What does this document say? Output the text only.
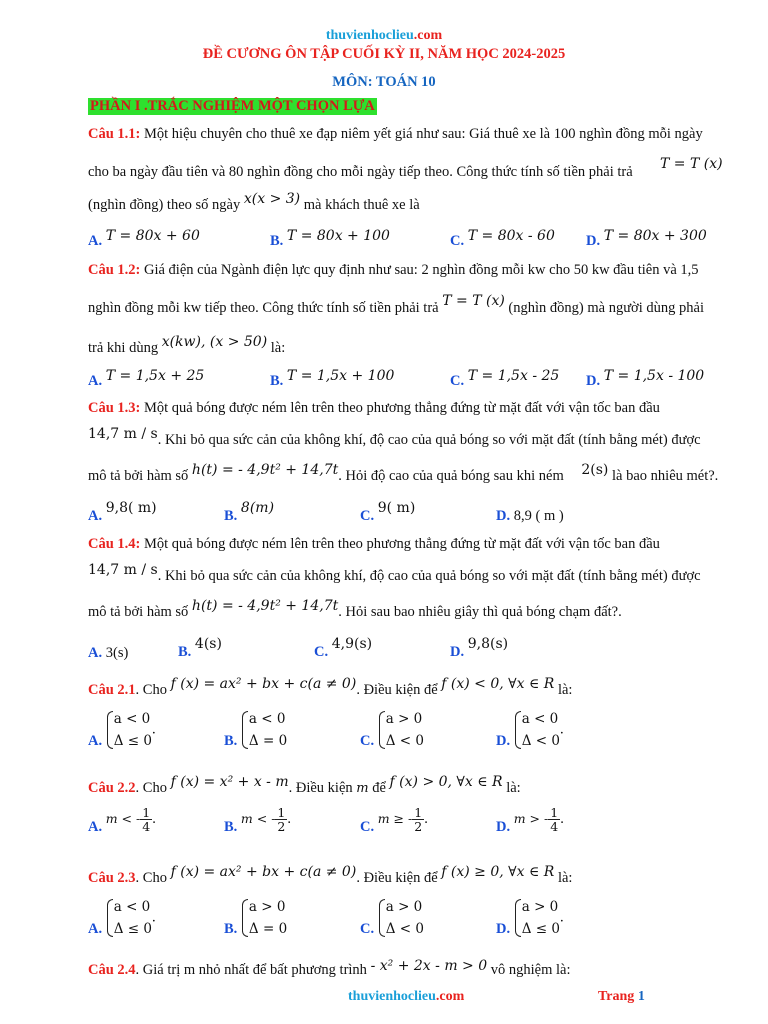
thuvienhoclieu.com
ĐỀ CƯƠNG ÔN TẬP CUỐI KỲ II, NĂM HỌC 2024-2025
MÔN: TOÁN 10
PHẦN I .TRẮC NGHIỆM MỘT CHỌN LỰA
Câu 1.1: Một hiệu chuyên cho thuê xe đạp niêm yết giá như sau: Giá thuê xe là 100 nghìn đồng mỗi ngày
cho ba ngày đầu tiên và 80 nghìn đồng cho mỗi ngày tiếp theo. Công thức tính số tiền phải trả T = T (x)
(nghìn đồng) theo số ngày x(x > 3) mà khách thuê xe là
A. T = 80x + 60	B. T = 80x + 100	C. T = 80x - 60 D. T = 80x + 300
Câu 1.2: Giá điện của Ngành điện lực quy định như sau: 2 nghìn đồng mỗi kw cho 50 kw đầu tiên và 1,5
nghìn đồng mỗi kw tiếp theo. Công thức tính số tiền phải trả T = T (x) (nghìn đồng) mà người dùng phải
trả khi dùng x(kw), (x > 50) là:
A. T = 1,5x + 25	B. T = 1,5x + 100	C. T = 1,5x - 25 D. T = 1,5x - 100
Câu 1.3: Một quả bóng được ném lên trên theo phương thẳng đứng từ mặt đất với vận tốc ban đầu
14,7 m / s. Khi bỏ qua sức cản của không khí, độ cao của quả bóng so với mặt đất (tính bằng mét) được
mô tả bởi hàm số h(t) = - 4,9t² + 14,7t. Hỏi độ cao của quả bóng sau khi ném 2(s) là bao nhiêu mét?.
A. 9,8( m)	B. 8(m)	C. 9( m)	D. 8,9 ( m )
Câu 1.4: Một quả bóng được ném lên trên theo phương thẳng đứng từ mặt đất với vận tốc ban đầu
14,7 m / s. Khi bỏ qua sức cản của không khí, độ cao của quả bóng so với mặt đất (tính bằng mét) được
mô tả bởi hàm số h(t) = - 4,9t² + 14,7t. Hỏi sau bao nhiêu giây thì quả bóng chạm đất?.
A. 3(s)	B. 4(s)	C. 4,9(s)	D. 9,8(s)
Câu 2.1. Cho f (x) = ax² + bx + c(a ≠ 0). Điều kiện để f (x) < 0, ∀x ∈ R là:
A.
a < 0
Δ ≤ 0
.
B.
a < 0
Δ = 0	C.
a > 0
Δ < 0	D.
a < 0
Δ < 0
.
Câu 2.2. Cho f (x) = x² + x - m. Điều kiện m để f (x) > 0, ∀x ∈ R là:
A. m < - $\frac{1}{4}$ .	B. m < - $\frac{1}{2}$ .	C. m ≥ - $\frac{1}{2}$ .	D. m > - $\frac{1}{4}$ .
Câu 2.3. Cho f (x) = ax² + bx + c(a ≠ 0). Điều kiện để f (x) ≥ 0, ∀x ∈ R là:
A.
a < 0
Δ ≤ 0
.
B.
a > 0
Δ = 0	C.
a > 0
Δ < 0	D.
a > 0
Δ ≤ 0
.
Câu 2.4. Giá trị m nhỏ nhất để bất phương trình - x² + 2x - m > 0 vô nghiệm là:
thuvienhoclieu.com	Trang 1
